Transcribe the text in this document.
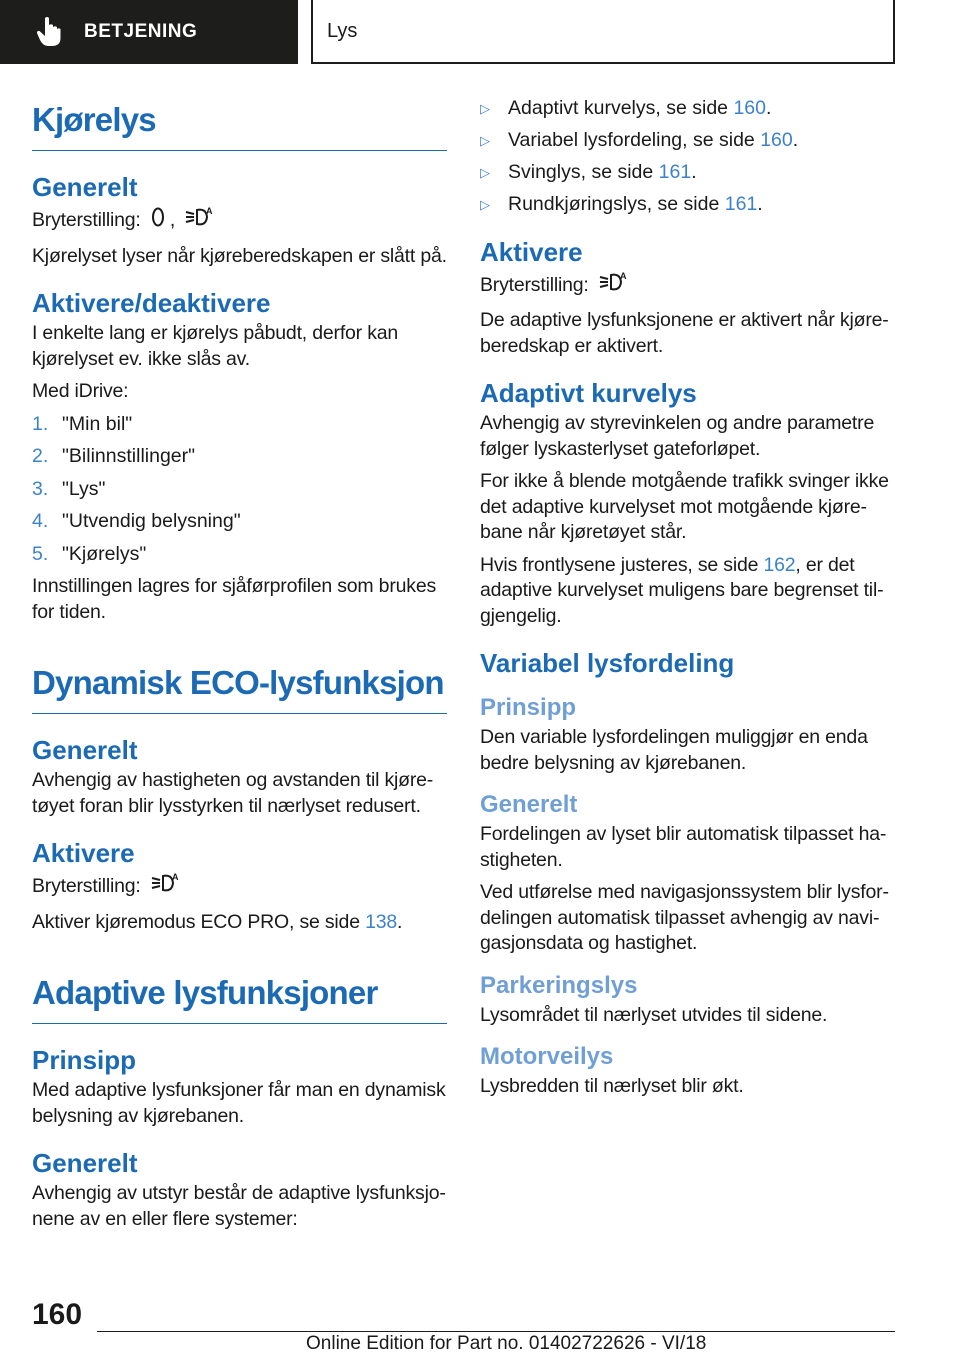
BETJENING	Lys
Kjørelys
Generelt

Bryterstilling: ,	A

Kjørelyset lyser når kjøreberedskapen er slått på.

Aktivere/deaktivere

I enkelte lang er kjørelys påbudt, derfor kan kjørelyset ev. ikke slås av.

Med iDrive:

1. "Min bil"
2. "Bilinnstillinger"
3. "Lys"
4. "Utvendig belysning"
5. "Kjørelys"

Innstillingen lagres for sjåførprofilen som brukes for tiden.

Dynamisk ECO-lysfunksjon
Generelt

Avhengig av hastigheten og avstanden til kjøretøyet foran blir lysstyrken til nærlyset redusert.

Aktivere

Bryterstilling:	A

Aktiver kjøremodus ECO PRO, se side 138.

Adaptive lysfunksjoner
Prinsipp

Med adaptive lysfunksjoner får man en dynamisk belysning av kjørebanen.

Generelt

Avhengig av utstyr består de adaptive lysfunksjonene av en eller flere systemer:

▷ Adaptivt kurvelys, se side 160.
▷ Variabel lysfordeling, se side 160.
▷ Svinglys, se side 161.
▷ Rundkjøringslys, se side 161.
Aktivere

Bryterstilling:	A

De adaptive lysfunksjonene er aktivert når kjøreberedskap er aktivert.

Adaptivt kurvelys

Avhengig av styrevinkelen og andre parametre følger lyskasterlyset gateforløpet.

For ikke å blende motgående trafikk svinger ikke det adaptive kurvelyset mot motgående kjørebane når kjøretøyet står.

Hvis frontlysene justeres, se side 162, er det adaptive kurvelyset muligens bare begrenset tilgjengelig.

Variabel lysfordeling
Prinsipp

Den variable lysfordelingen muliggjør en enda bedre belysning av kjørebanen.

Generelt

Fordelingen av lyset blir automatisk tilpasset hastigheten.

Ved utførelse med navigasjonssystem blir lysfordelingen automatisk tilpasset avhengig av navigasjonsdata og hastighet.

Parkeringslys

Lysområdet til nærlyset utvides til sidene.

Motorveilys

Lysbredden til nærlyset blir økt.

160
Online Edition for Part no. 01402722626 - VI/18
